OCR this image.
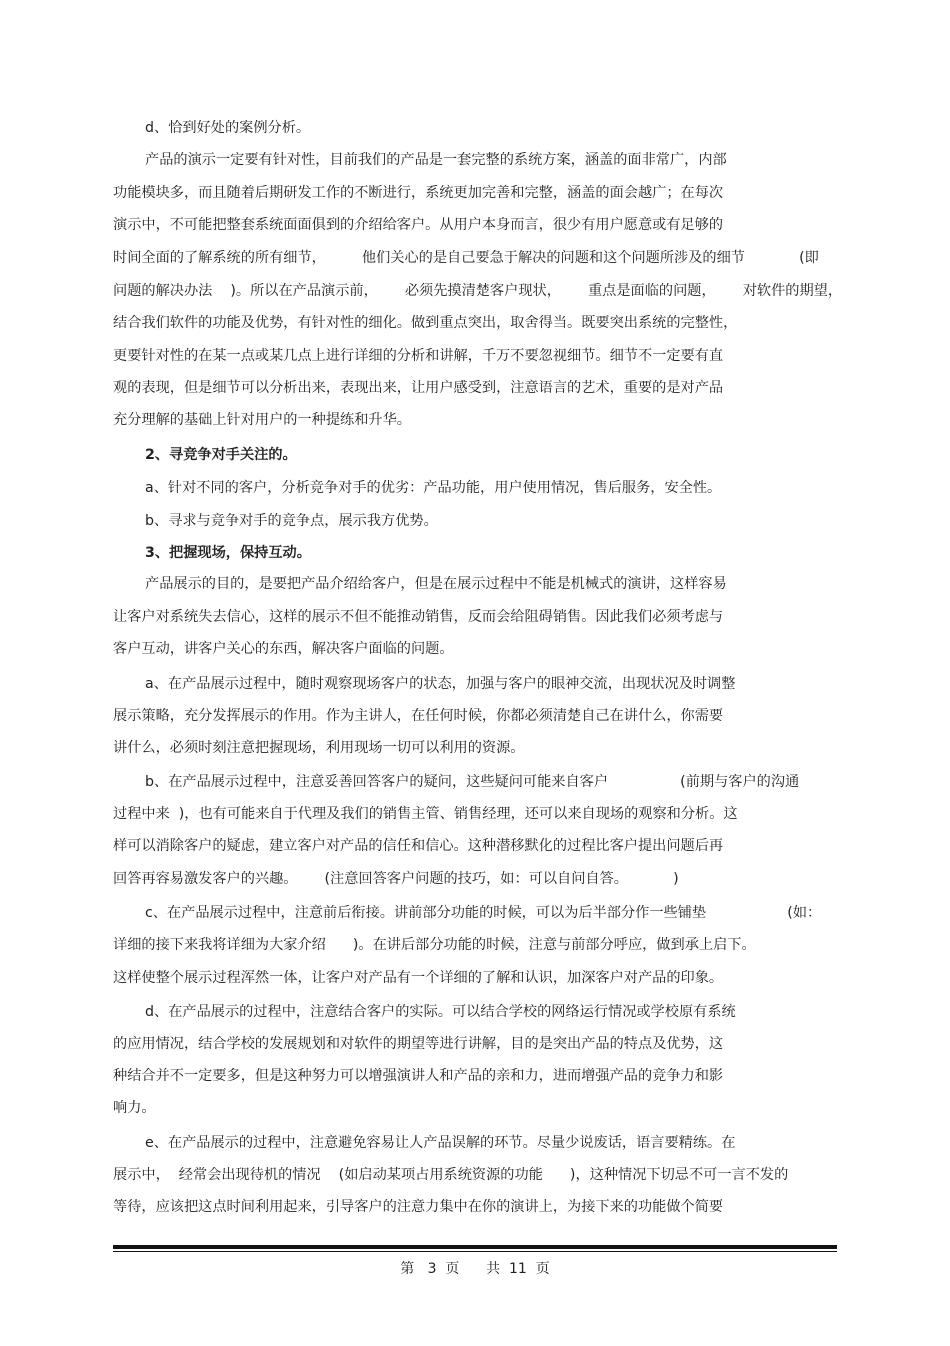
d、恰到好处的案例分析。

产品的演示一定要有针对性，目前我们的产品是一套完整的系统方案，涵盖的面非常广，内部

功能模块多，而且随着后期研发工作的不断进行，系统更加完善和完整，涵盖的面会越广；在每次

演示中，不可能把整套系统面面俱到的介绍给客户。从用户本身而言，很少有用户愿意或有足够的

时间全面的了解系统的所有细节，        他们关心的是自己要急于解决的问题和这个问题所涉及的细节            (即

问题的解决办法    )。所以在产品演示前，      必须先摸清楚客户现状，      重点是面临的问题，      对软件的期望，

结合我们软件的功能及优势，有针对性的细化。做到重点突出，取舍得当。既要突出系统的完整性，

更要针对性的在某一点或某几点上进行详细的分析和讲解，千万不要忽视细节。细节不一定要有直

观的表现，但是细节可以分析出来，表现出来，让用户感受到，注意语言的艺术，重要的是对产品

充分理解的基础上针对用户的一种提练和升华。

2、寻竞争对手关注的。

a、针对不同的客户，分析竞争对手的优劣：产品功能，用户使用情况，售后服务，安全性。

b、寻求与竞争对手的竞争点，展示我方优势。

3、把握现场，保持互动。

产品展示的目的，是要把产品介绍给客户，但是在展示过程中不能是机械式的演讲，这样容易

让客户对系统失去信心，这样的展示不但不能推动销售，反而会给阻碍销售。因此我们必须考虑与

客户互动，讲客户关心的东西，解决客户面临的问题。

a、在产品展示过程中，随时观察现场客户的状态，加强与客户的眼神交流，出现状况及时调整

展示策略，充分发挥展示的作用。作为主讲人，在任何时候，你都必须清楚自己在讲什么，你需要

讲什么，必须时刻注意把握现场，利用现场一切可以利用的资源。

b、在产品展示过程中，注意妥善回答客户的疑问，这些疑问可能来自客户                (前期与客户的沟通

过程中来  )，也有可能来自于代理及我们的销售主管、销售经理，还可以来自现场的观察和分析。这

样可以消除客户的疑虑，建立客户对产品的信任和信心。这种潜移默化的过程比客户提出问题后再

回答再容易激发客户的兴趣。      (注意回答客户问题的技巧，如：可以自问自答。          )

c、在产品展示过程中，注意前后衔接。讲前部分功能的时候，可以为后半部分作一些铺垫                  (如：

详细的接下来我将详细为大家介绍      )。在讲后部分功能的时候，注意与前部分呼应，做到承上启下。

这样使整个展示过程浑然一体，让客户对产品有一个详细的了解和认识，加深客户对产品的印象。

d、在产品展示的过程中，注意结合客户的实际。可以结合学校的网络运行情况或学校原有系统

的应用情况，结合学校的发展规划和对软件的期望等进行讲解，目的是突出产品的特点及优势，这

种结合并不一定要多，但是这种努力可以增强演讲人和产品的亲和力，进而增强产品的竞争力和影

响力。

e、在产品展示的过程中，注意避免容易让人产品误解的环节。尽量少说废话，语言要精练。在

展示中，  经常会出现待机的情况    (如启动某项占用系统资源的功能      )，这种情况下切忌不可一言不发的

等待，应该把这点时间利用起来，引导客户的注意力集中在你的演讲上，为接下来的功能做个简要

第   3  页      共  11  页
